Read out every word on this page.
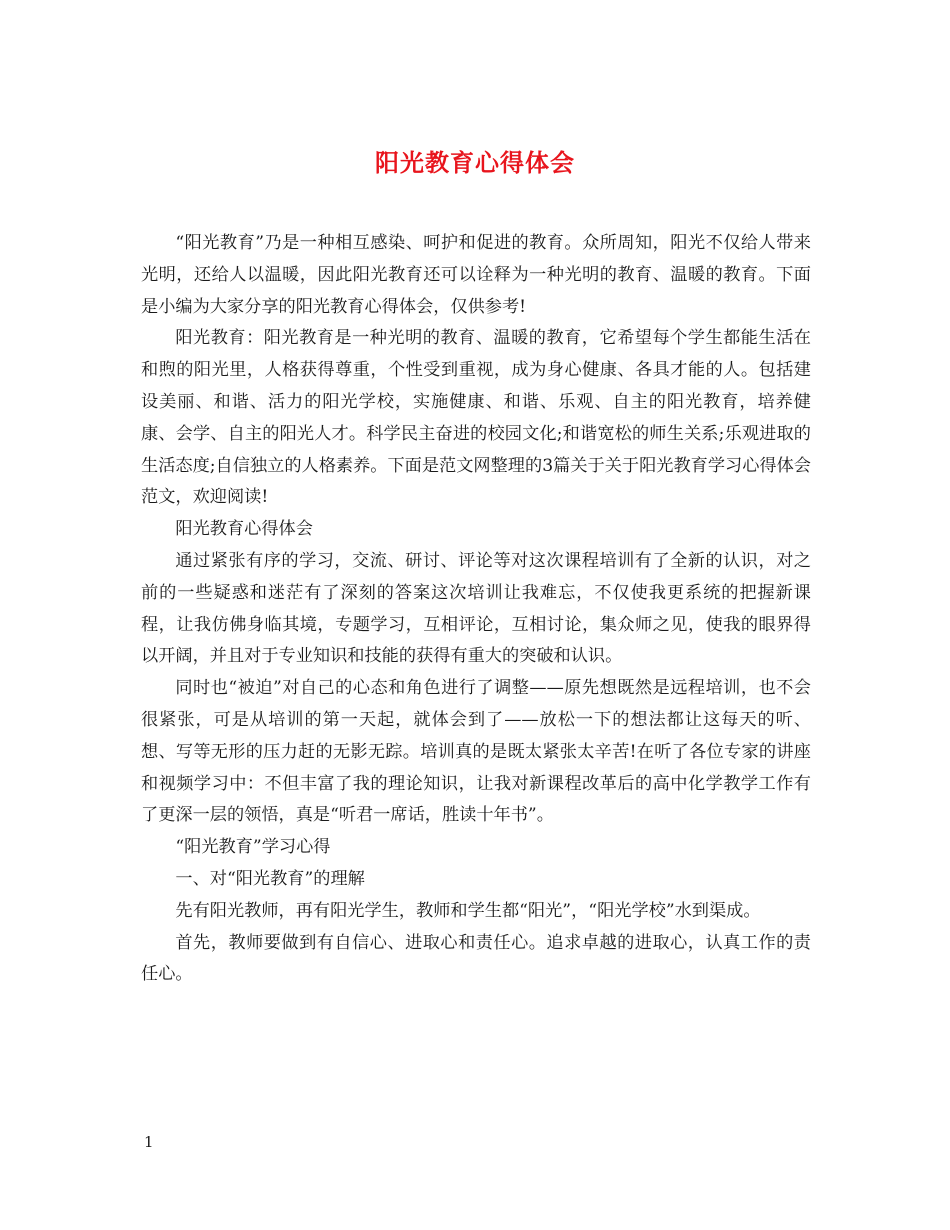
阳光教育心得体会

“阳光教育”乃是一种相互感染、呵护和促进的教育。众所周知，阳光不仅给人带来光明，还给人以温暖，因此阳光教育还可以诠释为一种光明的教育、温暖的教育。下面是小编为大家分享的阳光教育心得体会，仅供参考!

阳光教育：阳光教育是一种光明的教育、温暖的教育，它希望每个学生都能生活在和煦的阳光里，人格获得尊重，个性受到重视，成为身心健康、各具才能的人。包括建设美丽、和谐、活力的阳光学校，实施健康、和谐、乐观、自主的阳光教育，培养健康、会学、自主的阳光人才。科学民主奋进的校园文化;和谐宽松的师生关系;乐观进取的生活态度;自信独立的人格素养。下面是范文网整理的3篇关于关于阳光教育学习心得体会范文，欢迎阅读!

阳光教育心得体会

通过紧张有序的学习，交流、研讨、评论等对这次课程培训有了全新的认识，对之前的一些疑惑和迷茫有了深刻的答案这次培训让我难忘，不仅使我更系统的把握新课程，让我仿佛身临其境，专题学习，互相评论，互相讨论，集众师之见，使我的眼界得以开阔，并且对于专业知识和技能的获得有重大的突破和认识。

同时也“被迫”对自己的心态和角色进行了调整——原先想既然是远程培训，也不会很紧张，可是从培训的第一天起，就体会到了——放松一下的想法都让这每天的听、想、写等无形的压力赶的无影无踪。培训真的是既太紧张太辛苦!在听了各位专家的讲座和视频学习中：不但丰富了我的理论知识，让我对新课程改革后的高中化学教学工作有了更深一层的领悟，真是“听君一席话，胜读十年书”。

“阳光教育”学习心得

一、对“阳光教育”的理解

先有阳光教师，再有阳光学生，教师和学生都“阳光”，“阳光学校”水到渠成。

首先，教师要做到有自信心、进取心和责任心。追求卓越的进取心，认真工作的责任心。

1
